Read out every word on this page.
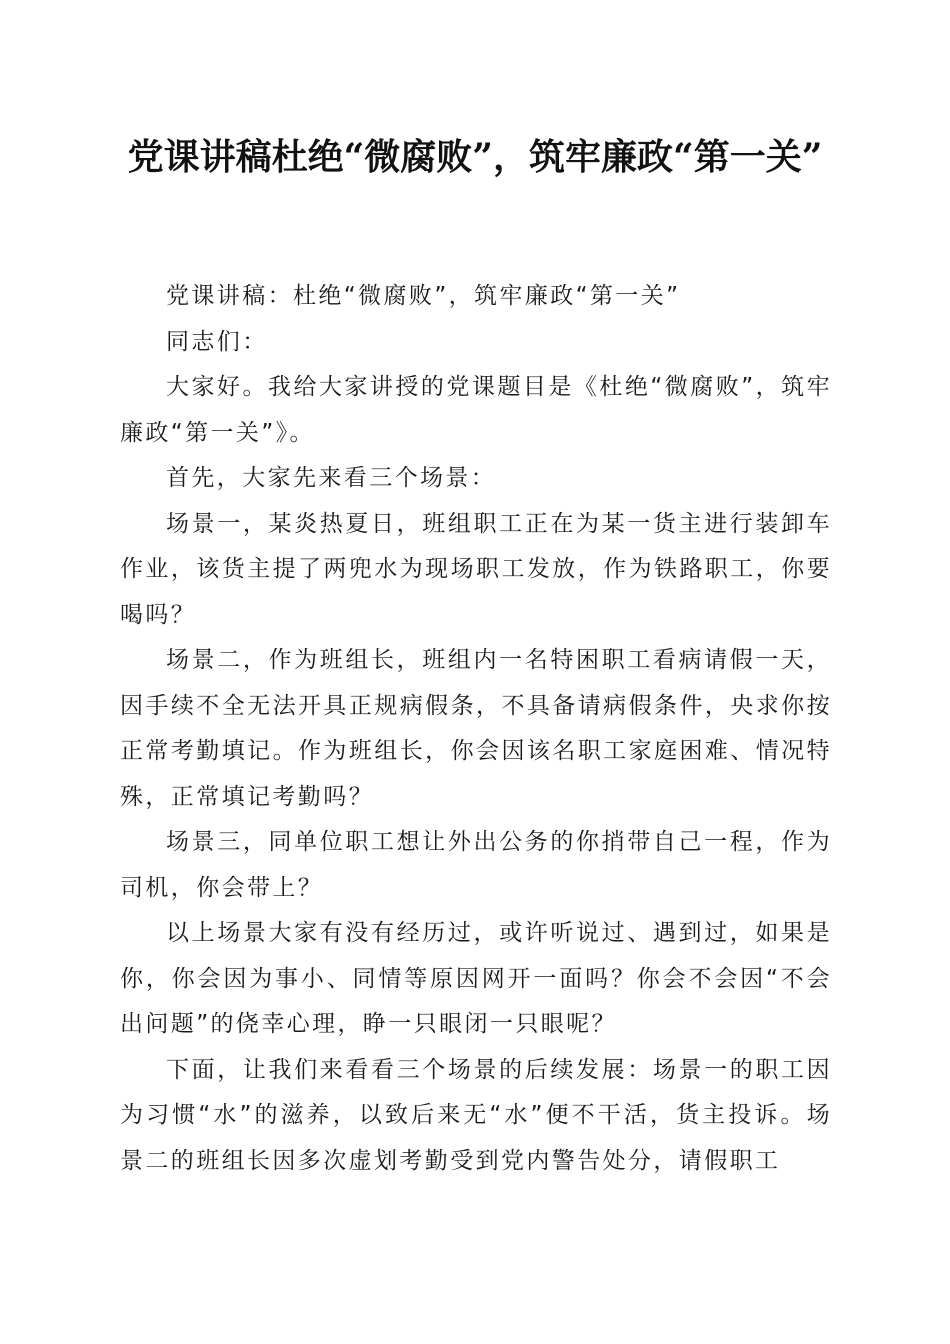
党课讲稿杜绝“微腐败”，筑牢廉政“第一关”

党课讲稿：杜绝“微腐败”，筑牢廉政“第一关”

同志们：

大家好。我给大家讲授的党课题目是《杜绝“微腐败”，筑牢廉政“第一关”》。

首先，大家先来看三个场景：

场景一，某炎热夏日，班组职工正在为某一货主进行装卸车作业，该货主提了两兜水为现场职工发放，作为铁路职工，你要喝吗？

场景二，作为班组长，班组内一名特困职工看病请假一天，因手续不全无法开具正规病假条，不具备请病假条件，央求你按正常考勤填记。作为班组长，你会因该名职工家庭困难、情况特殊，正常填记考勤吗？

场景三，同单位职工想让外出公务的你捎带自己一程，作为司机，你会带上？

以上场景大家有没有经历过，或许听说过、遇到过，如果是你，你会因为事小、同情等原因网开一面吗？你会不会因“不会出问题”的侥幸心理，睁一只眼闭一只眼呢？

下面，让我们来看看三个场景的后续发展：场景一的职工因为习惯“水”的滋养，以致后来无“水”便不干活，货主投诉。场景二的班组长因多次虚划考勤受到党内警告处分，请假职工
